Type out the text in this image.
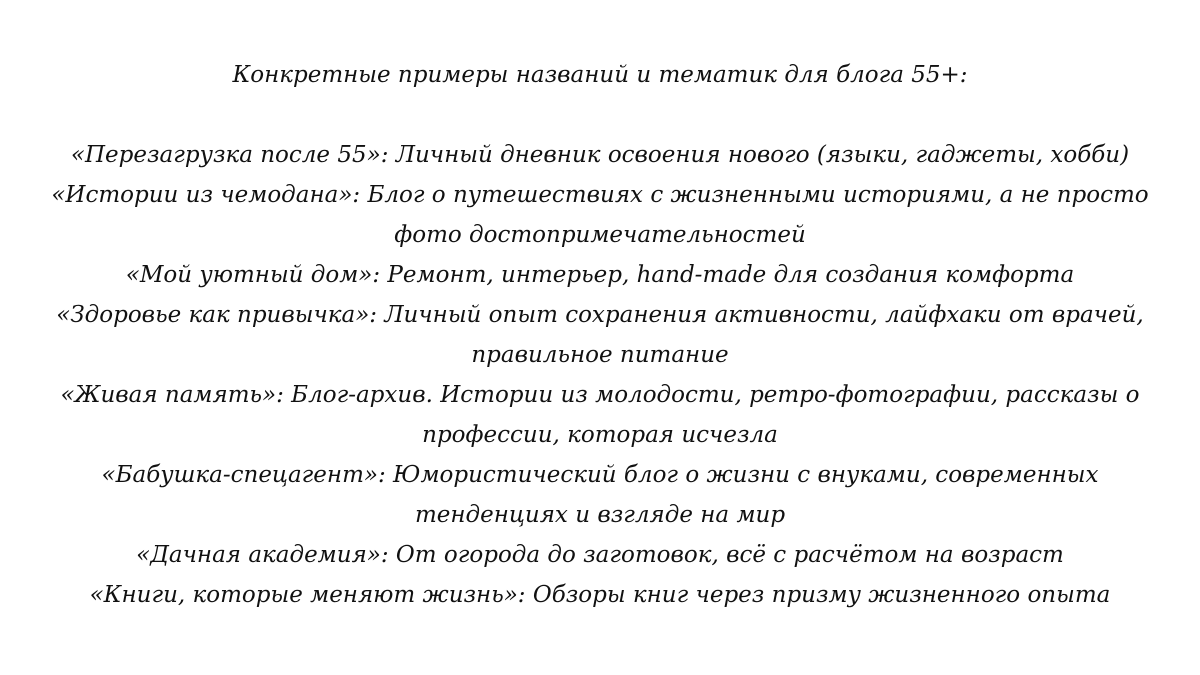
Конкретные примеры названий и тематик для блога 55+:
«Перезагрузка после 55»: Личный дневник освоения нового (языки, гаджеты, хобби)
«Истории из чемодана»: Блог о путешествиях с жизненными историями, а не просто фото достопримечательностей
«Мой уютный дом»: Ремонт, интерьер, hand-made для создания комфорта
«Здоровье как привычка»: Личный опыт сохранения активности, лайфхаки от врачей, правильное питание
«Живая память»: Блог-архив. Истории из молодости, ретро-фотографии, рассказы о профессии, которая исчезла
«Бабушка-спецагент»: Юмористический блог о жизни с внуками, современных тенденциях и взгляде на мир
«Дачная академия»: От огорода до заготовок, всё с расчётом на возраст
«Книги, которые меняют жизнь»: Обзоры книг через призму жизненного опыта
